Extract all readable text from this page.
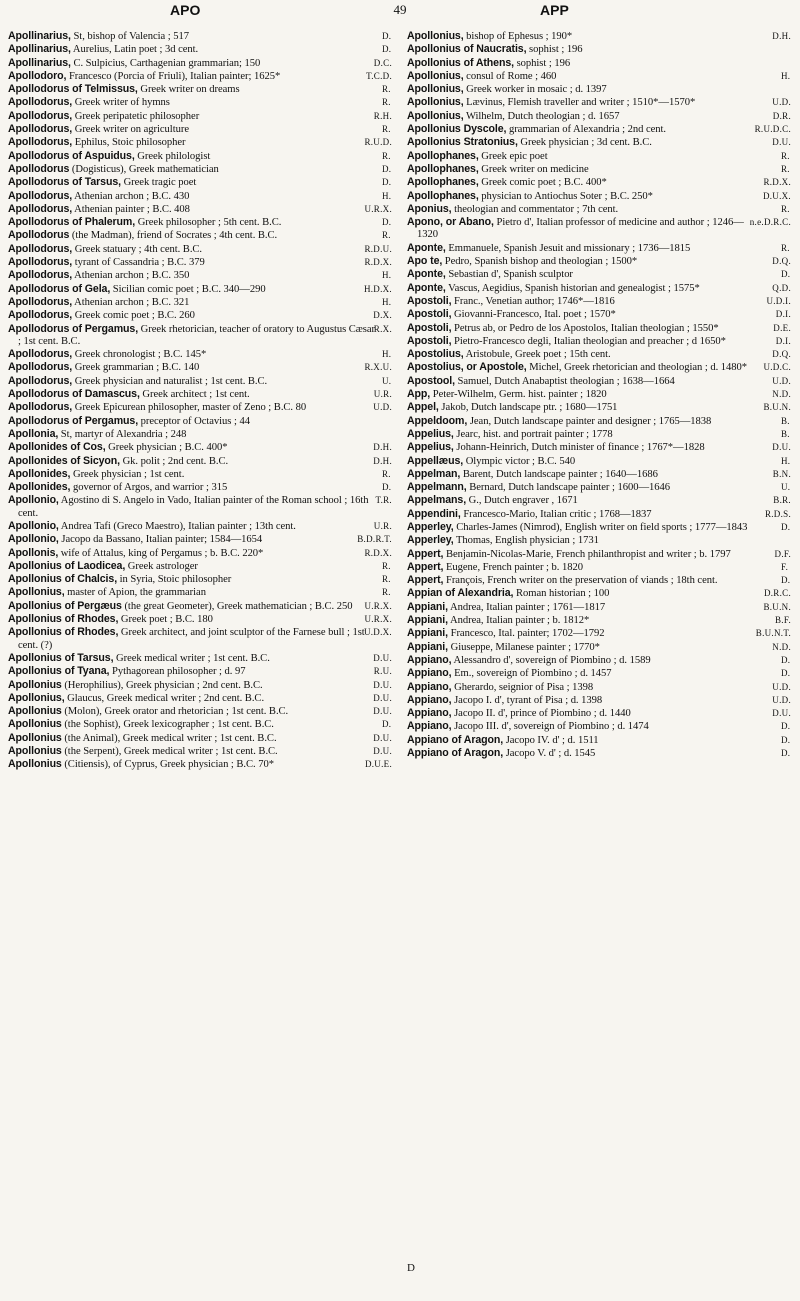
APO	49	APP
D.
Apollinarius, St, bishop of Valencia ; 517
D.
Apollinarius, Aurelius, Latin poet ; 3d cent.
D.C.
Apollinarius, C. Sulpicius, Carthagenian grammarian; 150
T.C.D.
Apollodoro, Francesco (Porcia of Friuli), Italian painter; 1625*
R.
Apollodorus of Telmissus, Greek writer on dreams
R.
Apollodorus, Greek writer of hymns
R.H.
Apollodorus, Greek peripatetic philosopher
R.
Apollodorus, Greek writer on agriculture
R.U.D.
Apollodorus, Ephilus, Stoic philosopher
R.
Apollodorus of Aspuidus, Greek philologist
D.
Apollodorus (Dogisticus), Greek mathematician
D.
Apollodorus of Tarsus, Greek tragic poet
H.
Apollodorus, Athenian archon ; B.C. 430
U.R.X.
Apollodorus, Athenian painter ; B.C. 408
D.
Apollodorus of Phalerum, Greek philosopher ; 5th cent. B.C.
R.
Apollodorus (the Madman), friend of Socrates ; 4th cent. B.C.
R.D.U.
Apollodorus, Greek statuary ; 4th cent. B.C.
R.D.X.
Apollodorus, tyrant of Cassandria ; B.C. 379
H.
Apollodorus, Athenian archon ; B.C. 350
H.D.X.
Apollodorus of Gela, Sicilian comic poet ; B.C. 340—290
H.
Apollodorus, Athenian archon ; B.C. 321
D.X.
Apollodorus, Greek comic poet ; B.C. 260
R.X.
Apollodorus of Pergamus, Greek rhetorician, teacher of oratory to Augustus Cæsar ; 1st cent. B.C.
H.
Apollodorus, Greek chronologist ; B.C. 145*
R.X.U.
Apollodorus, Greek grammarian ; B.C. 140
U.
Apollodorus, Greek physician and naturalist ; 1st cent. B.C.
U.R.
Apollodorus of Damascus, Greek architect ; 1st cent.
U.D.
Apollodorus, Greek Epicurean philosopher, master of Zeno ; B.C. 80
Apollodorus of Pergamus, preceptor of Octavius ; 44
Apollonia, St, martyr of Alexandria ; 248
D.H.
Apollonides of Cos, Greek physician ; B.C. 400*
D.H.
Apollonides of Sicyon, Gk. polit ; 2nd cent. B.C.
R.
Apollonides, Greek physician ; 1st cent.
D.
Apollonides, governor of Argos, and warrior ; 315
T.R.
Apollonio, Agostino di S. Angelo in Vado, Italian painter of the Roman school ; 16th cent.
U.R.
Apollonio, Andrea Tafi (Greco Maestro), Italian painter ; 13th cent.
B.D.R.T.
Apollonio, Jacopo da Bassano, Italian painter; 1584—1654
R.D.X.
Apollonis, wife of Attalus, king of Pergamus ; b. B.C. 220*
R.
Apollonius of Laodicea, Greek astrologer
R.
Apollonius of Chalcis, in Syria, Stoic philosopher
R.
Apollonius, master of Apion, the grammarian
U.R.X.
Apollonius of Pergæus (the great Geometer), Greek mathematician ; B.C. 250
U.R.X.
Apollonius of Rhodes, Greek poet ; B.C. 180
U.D.X.
Apollonius of Rhodes, Greek architect, and joint sculptor of the Farnese bull ; 1st cent. (?)
D.U.
Apollonius of Tarsus, Greek medical writer ; 1st cent. B.C.
R.U.
Apollonius of Tyana, Pythagorean philosopher ; d. 97
D.U.
Apollonius (Herophilius), Greek physician ; 2nd cent. B.C.
D.U.
Apollonius, Glaucus, Greek medical writer ; 2nd cent. B.C.
D.U.
Apollonius (Molon), Greek orator and rhetorician ; 1st cent. B.C.
D.
Apollonius (the Sophist), Greek lexicographer ; 1st cent. B.C.
D.U.
Apollonius (the Animal), Greek medical writer ; 1st cent. B.C.
D.U.
Apollonius (the Serpent), Greek medical writer ; 1st cent. B.C.
D.U.E.
Apollonius (Citiensis), of Cyprus, Greek physician ; B.C. 70*
D.H.
Apollonius, bishop of Ephesus ; 190*
Apollonius of Naucratis, sophist ; 196
Apollonius of Athens, sophist ; 196
H.
Apollonius, consul of Rome ; 460
Apollonius, Greek worker in mosaic ; d. 1397
U.D.
Apollonius, Lævinus, Flemish traveller and writer ; 1510*—1570*
D.R.
Apollonius, Wilhelm, Dutch theologian ; d. 1657
R.U.D.C.
Apollonius Dyscole, grammarian of Alexandria ; 2nd cent.
D.U.
Apollonius Stratonius, Greek physician ; 3d cent. B.C.
R.
Apollophanes, Greek epic poet
R.
Apollophanes, Greek writer on medicine
R.D.X.
Apollophanes, Greek comic poet ; B.C. 400*
D.U.X.
Apollophanes, physician to Antiochus Soter ; B.C. 250*
R.
Aponius, theologian and commentator ; 7th cent.
n.e.D.R.C.
Apono, or Abano, Pietro d', Italian professor of medicine and author ; 1246—1320
R.
Aponte, Emmanuele, Spanish Jesuit and missionary ; 1736—1815
D.Q.
Apo te, Pedro, Spanish bishop and theologian ; 1500*
D.
Aponte, Sebastian d', Spanish sculptor
Q.D.
Aponte, Vascus, Aegidius, Spanish historian and genealogist ; 1575*
U.D.I.
Apostoli, Franc., Venetian author; 1746*—1816
D.I.
Apostoli, Giovanni-Francesco, Ital. poet ; 1570*
D.E.
Apostoli, Petrus ab, or Pedro de los Apostolos, Italian theologian ; 1550*
D.I.
Apostoli, Pietro-Francesco degli, Italian theologian and preacher ; d 1650*
D.Q.
Apostolius, Aristobule, Greek poet ; 15th cent.
U.D.C.
Apostolius, or Apostole, Michel, Greek rhetorician and theologian ; d. 1480*
U.D.
Apostool, Samuel, Dutch Anabaptist theologian ; 1638—1664
N.D.
App, Peter-Wilhelm, Germ. hist. painter ; 1820
B.U.N.
Appel, Jakob, Dutch landscape ptr. ; 1680—1751
B.
Appeldoom, Jean, Dutch landscape painter and designer ; 1765—1838
B.
Appelius, Jearc, hist. and portrait painter ; 1778
D.U.
Appelius, Johann-Heinrich, Dutch minister of finance ; 1767*—1828
H.
Appellæus, Olympic victor ; B.C. 540
B.N.
Appelman, Barent, Dutch landscape painter ; 1640—1686
U.
Appelmann, Bernard, Dutch landscape painter ; 1600—1646
B.R.
Appelmans, G., Dutch engraver , 1671
R.D.S.
Appendini, Francesco-Mario, Italian critic ; 1768—1837
D.
Apperley, Charles-James (Nimrod), English writer on field sports ; 1777—1843
Apperley, Thomas, English physician ; 1731
D.F.
Appert, Benjamin-Nicolas-Marie, French philanthropist and writer ; b. 1797
F.
Appert, Eugene, French painter ; b. 1820
D.
Appert, François, French writer on the preservation of viands ; 18th cent.
D.R.C.
Appian of Alexandria, Roman historian ; 100
B.U.N.
Appiani, Andrea, Italian painter ; 1761—1817
B.F.
Appiani, Andrea, Italian painter ; b. 1812*
B.U.N.T.
Appiani, Francesco, Ital. painter; 1702—1792
N.D.
Appiani, Giuseppe, Milanese painter ; 1770*
D.
Appiano, Alessandro d', sovereign of Piombino ; d. 1589
D.
Appiano, Em., sovereign of Piombino ; d. 1457
U.D.
Appiano, Gherardo, seignior of Pisa ; 1398
U.D.
Appiano, Jacopo I. d', tyrant of Pisa ; d. 1398
D.U.
Appiano, Jacopo II. d', prince of Piombino ; d. 1440
D.
Appiano, Jacopo III. d', sovereign of Piombino ; d. 1474
D.
Appiano of Aragon, Jacopo IV. d' ; d. 1511
D.
Appiano of Aragon, Jacopo V. d' ; d. 1545
D
